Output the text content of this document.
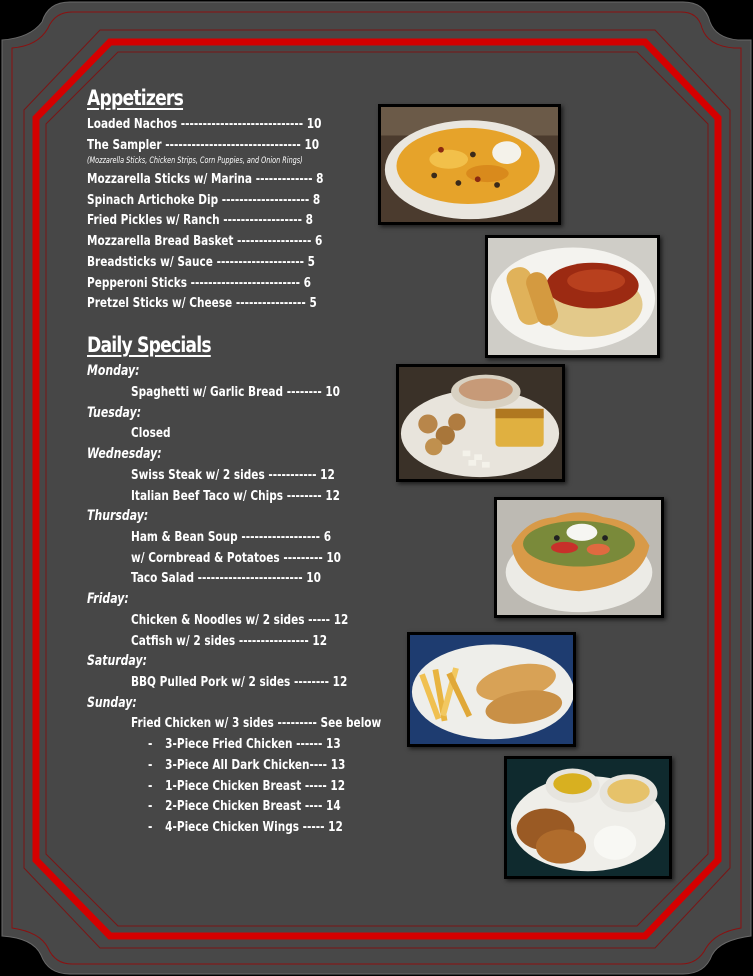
Appetizers
Loaded Nachos ---------------------------- 10
The Sampler ------------------------------- 10
(Mozzarella Sticks, Chicken Strips, Corn Puppies, and Onion Rings)
Mozzarella Sticks w/ Marina ------------- 8
Spinach Artichoke Dip -------------------- 8
Fried Pickles w/ Ranch ------------------ 8
Mozzarella Bread Basket ----------------- 6
Breadsticks w/ Sauce -------------------- 5
Pepperoni Sticks ------------------------- 6
Pretzel Sticks w/ Cheese ---------------- 5
Daily Specials
Monday:
Spaghetti w/ Garlic Bread -------- 10
Tuesday:
Closed
Wednesday:
Swiss Steak w/ 2 sides ----------- 12
Italian Beef Taco w/ Chips -------- 12
Thursday:
Ham & Bean Soup ------------------ 6
w/ Cornbread & Potatoes --------- 10
Taco Salad ------------------------ 10
Friday:
Chicken & Noodles w/ 2 sides ----- 12
Catfish w/ 2 sides ---------------- 12
Saturday:
BBQ Pulled Pork w/ 2 sides -------- 12
Sunday:
Fried Chicken w/ 3 sides --------- See below
- 3-Piece Fried Chicken ------ 13
- 3-Piece All Dark Chicken---- 13
- 1-Piece Chicken Breast ----- 12
- 2-Piece Chicken Breast ---- 14
- 4-Piece Chicken Wings ----- 12
